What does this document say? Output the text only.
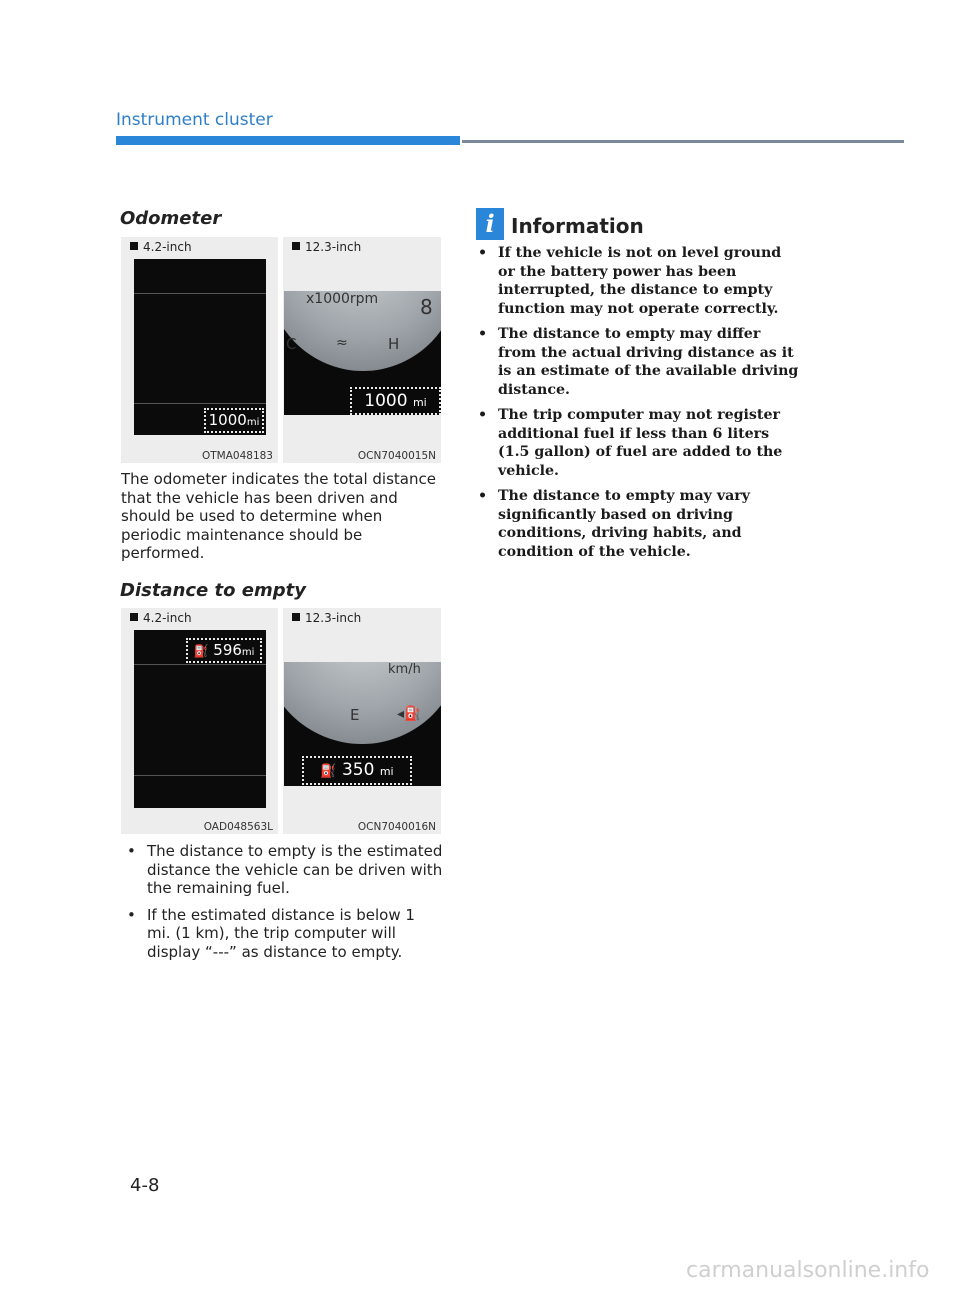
Instrument cluster
Odometer
4.2-inch
1000mi
OTMA048183
12.3-inch
x1000rpm 8
C	≈	H
1000 mi
OCN7040015N
The odometer indicates the total distance that the vehicle has been driven and should be used to determine when periodic maintenance should be performed.
Distance to empty
4.2-inch
⛽ 596mi
OAD048563L
12.3-inch
km/h
E	◂⛽
⛽ 350 mi
OCN7040016N
• The distance to empty is the estimated distance the vehicle can be driven with the remaining fuel.
• If the estimated distance is below 1 mi. (1 km), the trip computer will display “---” as distance to empty.
i Information
• If the vehicle is not on level ground or the battery power has been interrupted, the distance to empty function may not operate correctly.
• The distance to empty may differ from the actual driving distance as it is an estimate of the available driving distance.
• The trip computer may not register additional fuel if less than 6 liters (1.5 gallon) of fuel are added to the vehicle.
• The distance to empty may vary significantly based on driving conditions, driving habits, and condition of the vehicle.
4-8
carmanualsonline.info
